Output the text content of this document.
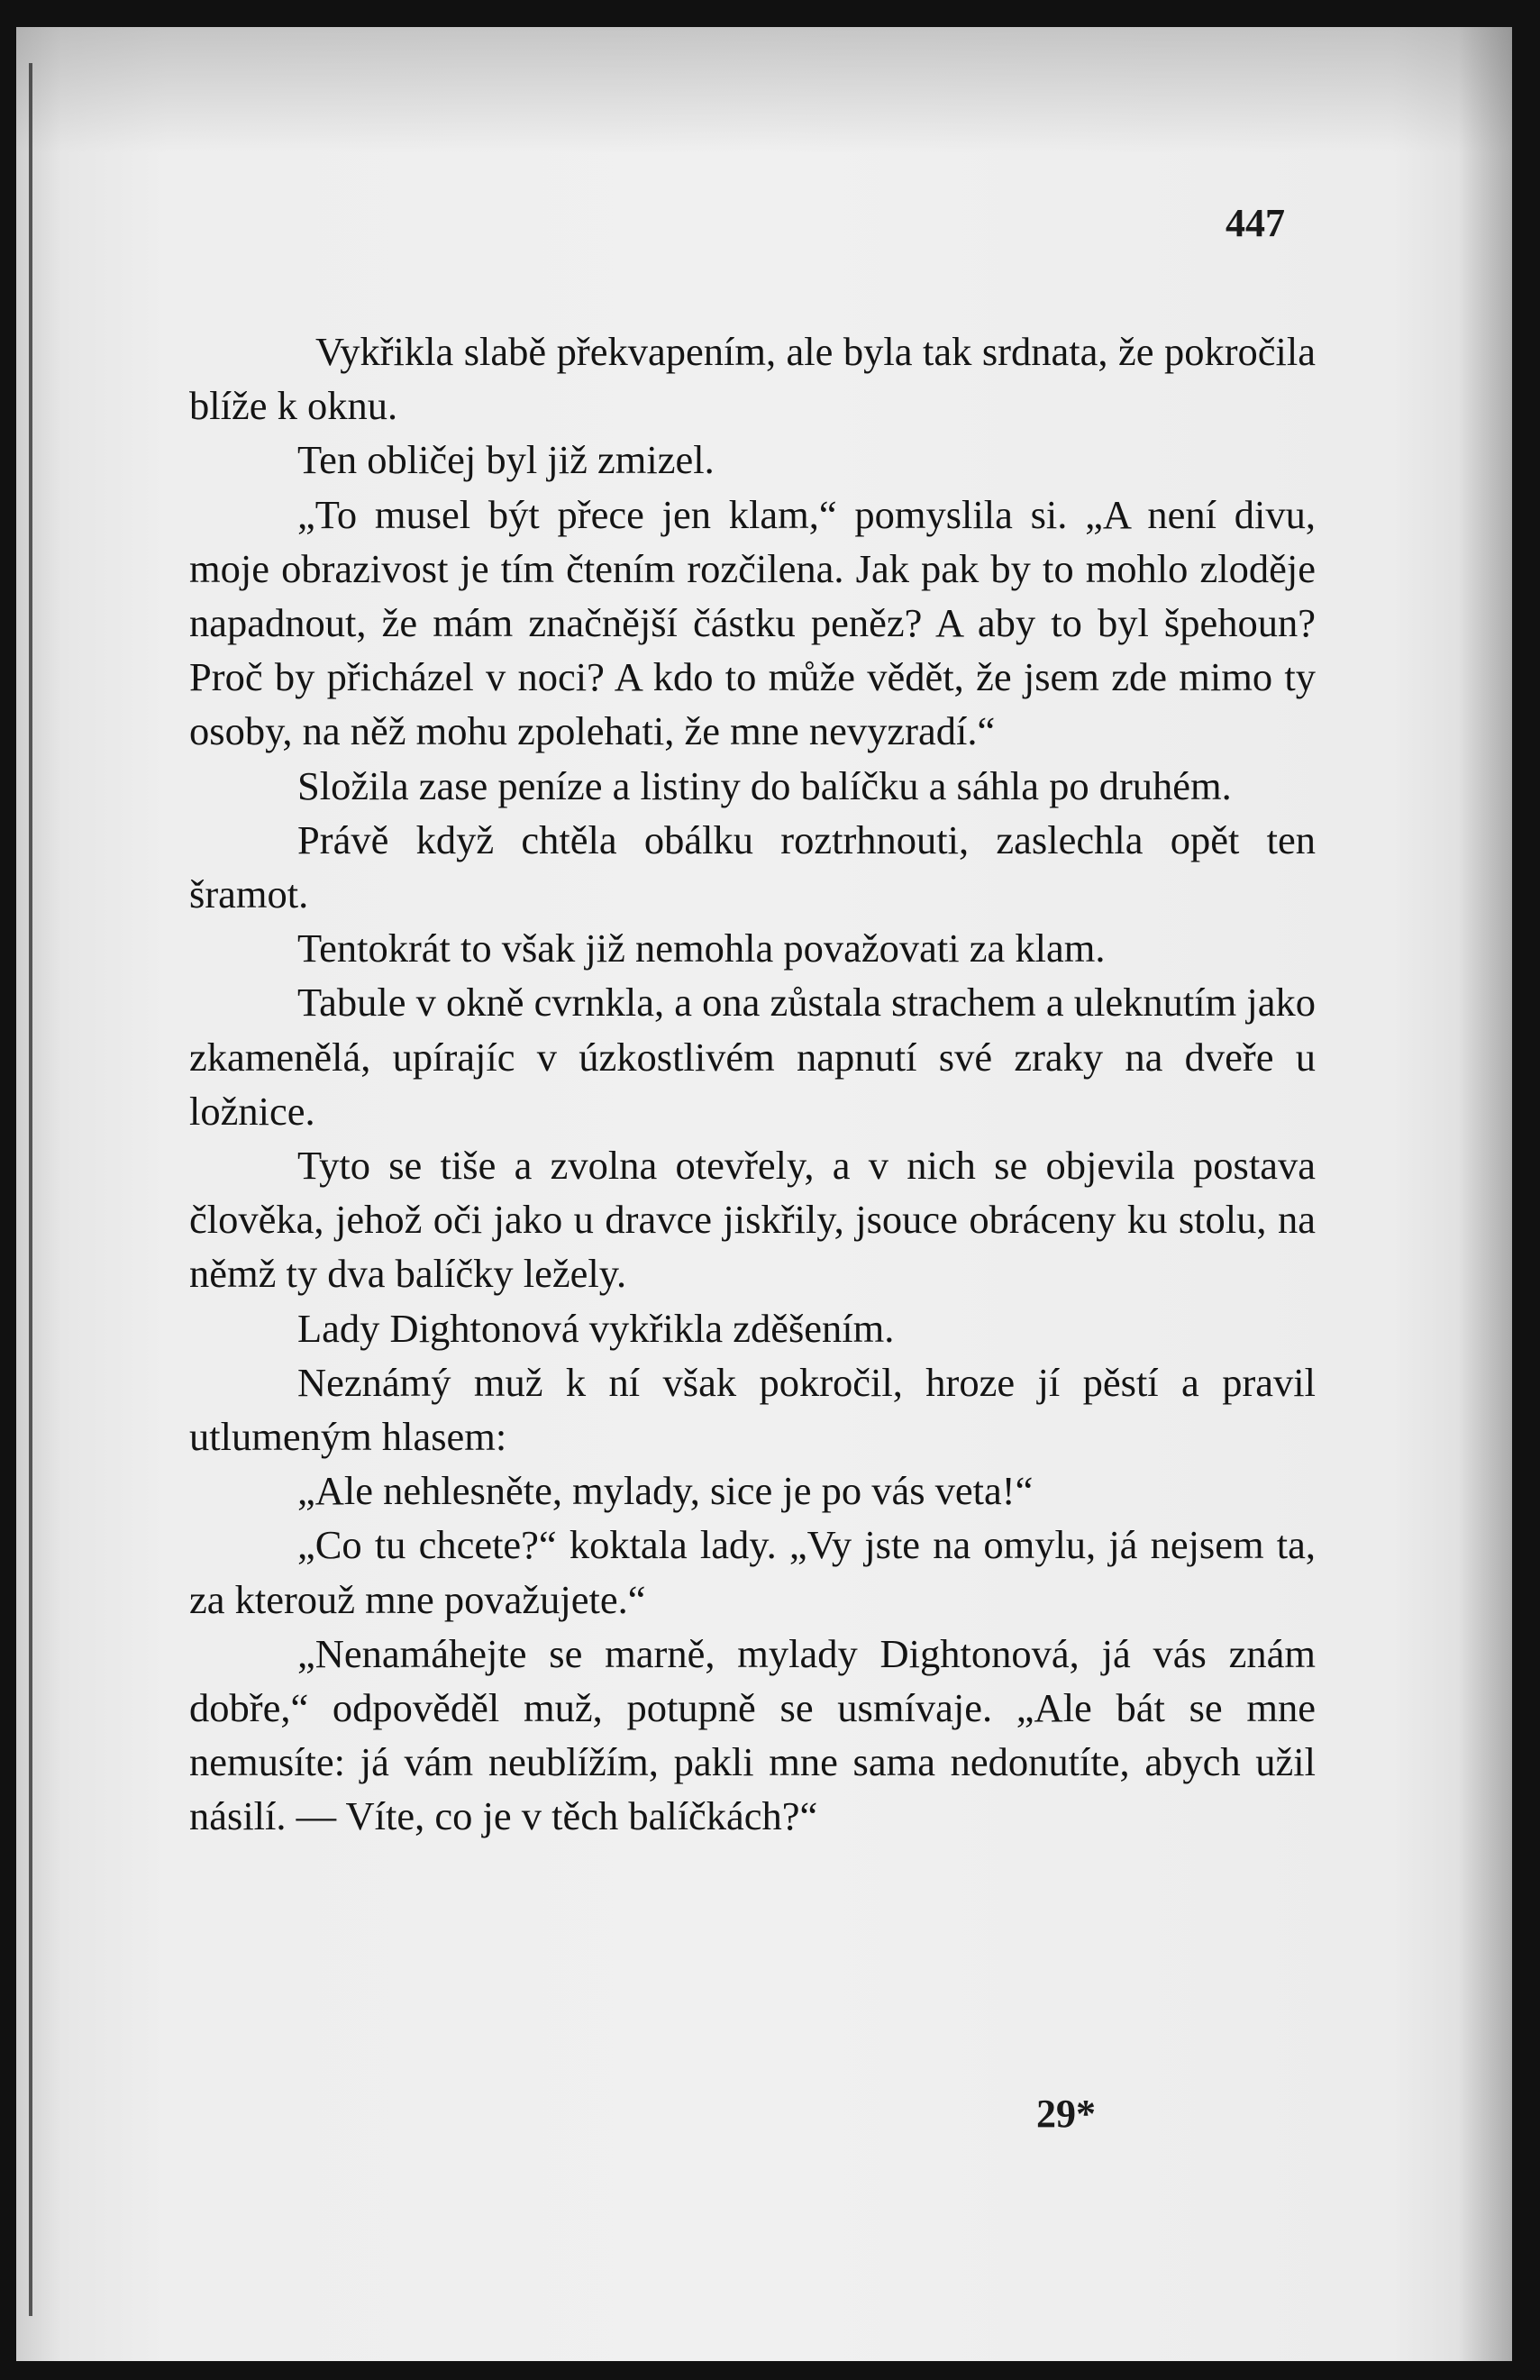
447

Vykřikla slabě překvapením, ale byla tak srdnata, že pokročila blíže k oknu.

Ten obličej byl již zmizel.

„To musel být přece jen klam,“ pomyslila si. „A není divu, moje obrazivost je tím čtením rozčilena. Jak pak by to mohlo zloděje napadnout, že mám značnější částku peněz? A aby to byl špehoun? Proč by přicházel v noci? A kdo to může vědět, že jsem zde mimo ty osoby, na něž mohu zpolehati, že mne nevyzradí.“

Složila zase peníze a listiny do balíčku a sáhla po druhém.

Právě když chtěla obálku roztrhnouti, zaslechla opět ten šramot.

Tentokrát to však již nemohla považovati za klam.

Tabule v okně cvrnkla, a ona zůstala strachem a uleknutím jako zkamenělá, upírajíc v úzkostlivém napnutí své zraky na dveře u ložnice.

Tyto se tiše a zvolna otevřely, a v nich se objevila postava člověka, jehož oči jako u dravce jiskřily, jsouce obráceny ku stolu, na němž ty dva balíčky ležely.

Lady Dightonová vykřikla zděšením.

Neznámý muž k ní však pokročil, hroze jí pěstí a pravil utlumeným hlasem:

„Ale nehlesněte, mylady, sice je po vás veta!“

„Co tu chcete?“ koktala lady. „Vy jste na omylu, já nejsem ta, za kterouž mne považujete.“

„Nenamáhejte se marně, mylady Dightonová, já vás znám dobře,“ odpověděl muž, potupně se usmívaje. „Ale bát se mne nemusíte: já vám neublížím, pakli mne sama nedonutíte, abych užil násilí. — Víte, co je v těch balíčkách?“

29*
